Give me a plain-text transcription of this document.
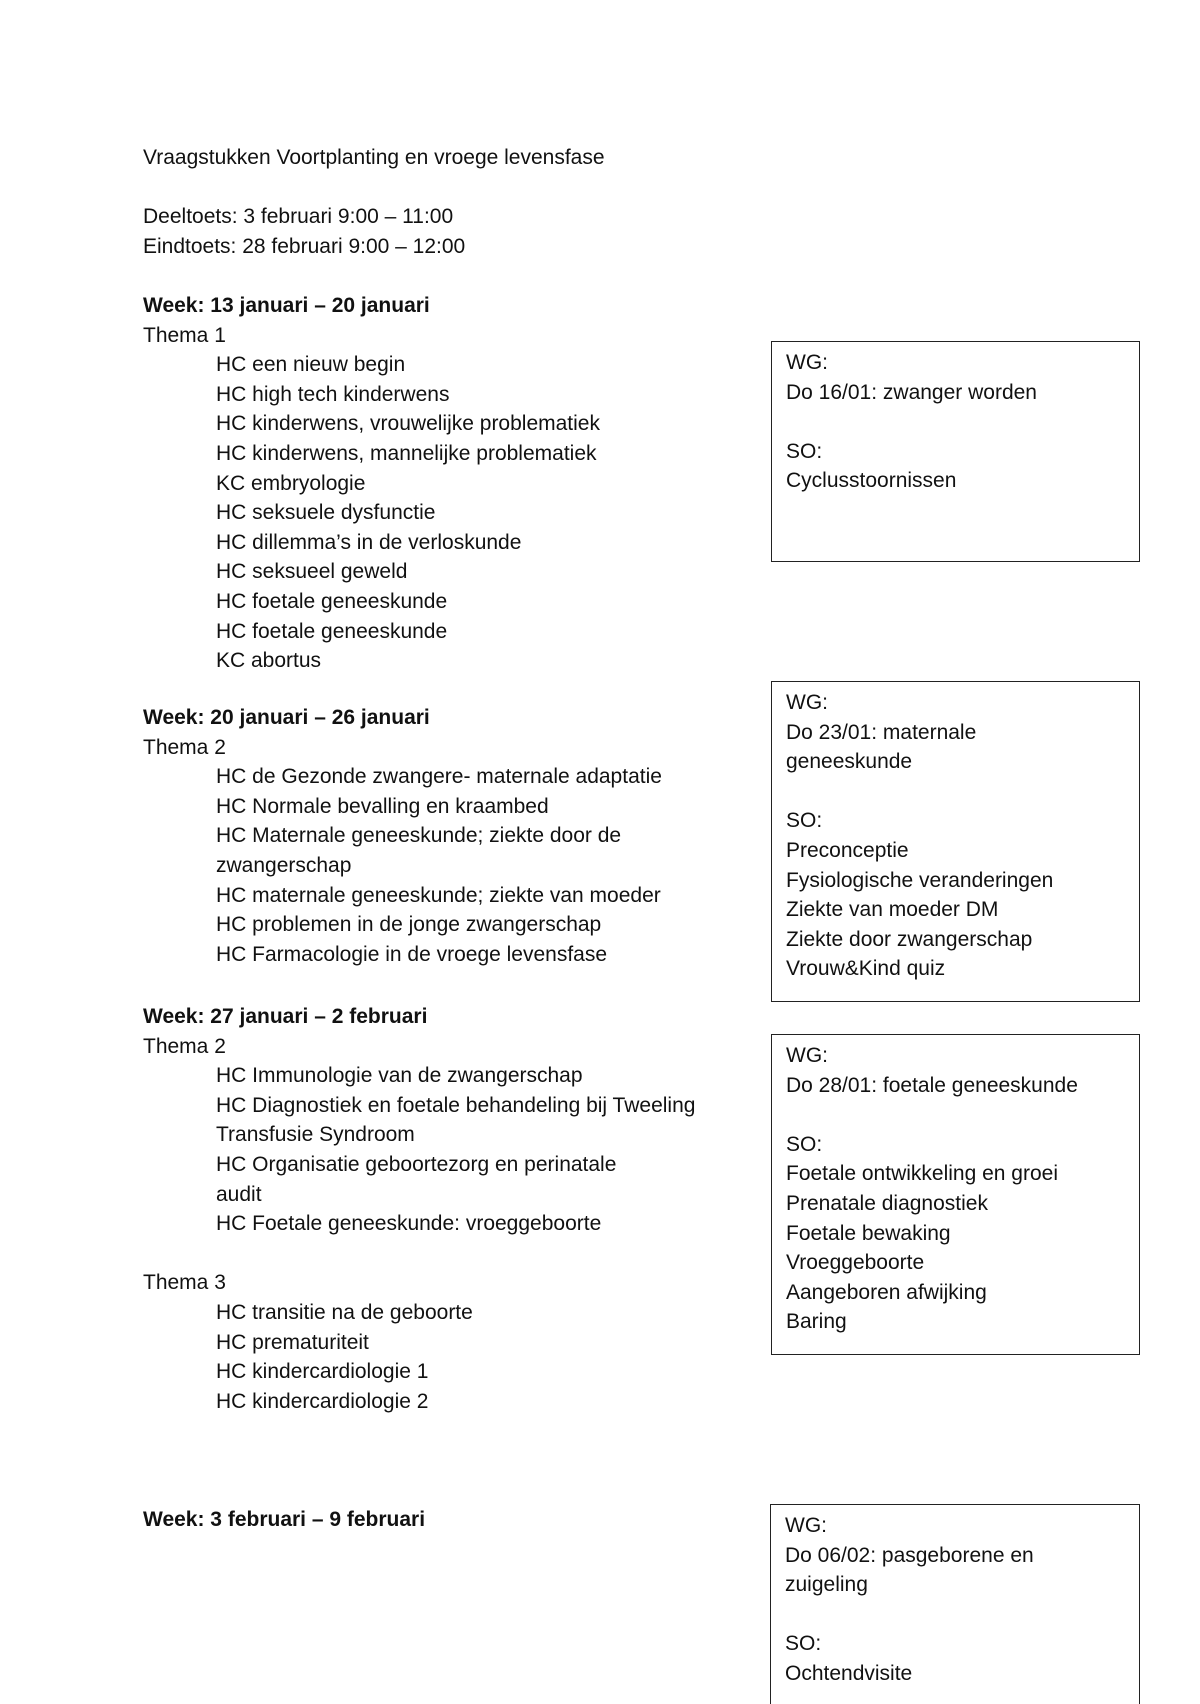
Vraagstukken Voortplanting en vroege levensfase
Deeltoets: 3 februari 9:00 – 11:00
Eindtoets: 28 februari 9:00 – 12:00
Week: 13 januari – 20 januari
Thema 1
HC een nieuw begin
HC high tech kinderwens
HC kinderwens, vrouwelijke problematiek
HC kinderwens, mannelijke problematiek
KC embryologie
HC seksuele dysfunctie
HC dillemma’s in de verloskunde
HC seksueel geweld
HC foetale geneeskunde
HC foetale geneeskunde
KC abortus
WG:
Do 16/01: zwanger worden
SO:
Cyclusstoornissen
Week: 20 januari – 26 januari
Thema 2
HC de Gezonde zwangere- maternale adaptatie
HC Normale bevalling en kraambed
HC Maternale geneeskunde; ziekte door de
zwangerschap
HC maternale geneeskunde; ziekte van moeder
HC problemen in de jonge zwangerschap
HC Farmacologie in de vroege levensfase
WG:
Do 23/01: maternale
geneeskunde
SO:
Preconceptie
Fysiologische veranderingen
Ziekte van moeder DM
Ziekte door zwangerschap
Vrouw&Kind quiz
Week: 27 januari – 2 februari
Thema 2
HC Immunologie van de zwangerschap
HC Diagnostiek en foetale behandeling bij Tweeling
Transfusie Syndroom
HC Organisatie geboortezorg en perinatale
audit
HC Foetale geneeskunde: vroeggeboorte
Thema 3
HC transitie na de geboorte
HC prematuriteit
HC kindercardiologie 1
HC kindercardiologie 2
WG:
Do 28/01: foetale geneeskunde
SO:
Foetale ontwikkeling en groei
Prenatale diagnostiek
Foetale bewaking
Vroeggeboorte
Aangeboren afwijking
Baring
Week: 3 februari – 9 februari	WG:
Do 06/02: pasgeborene en
zuigeling
SO:
Ochtendvisite
